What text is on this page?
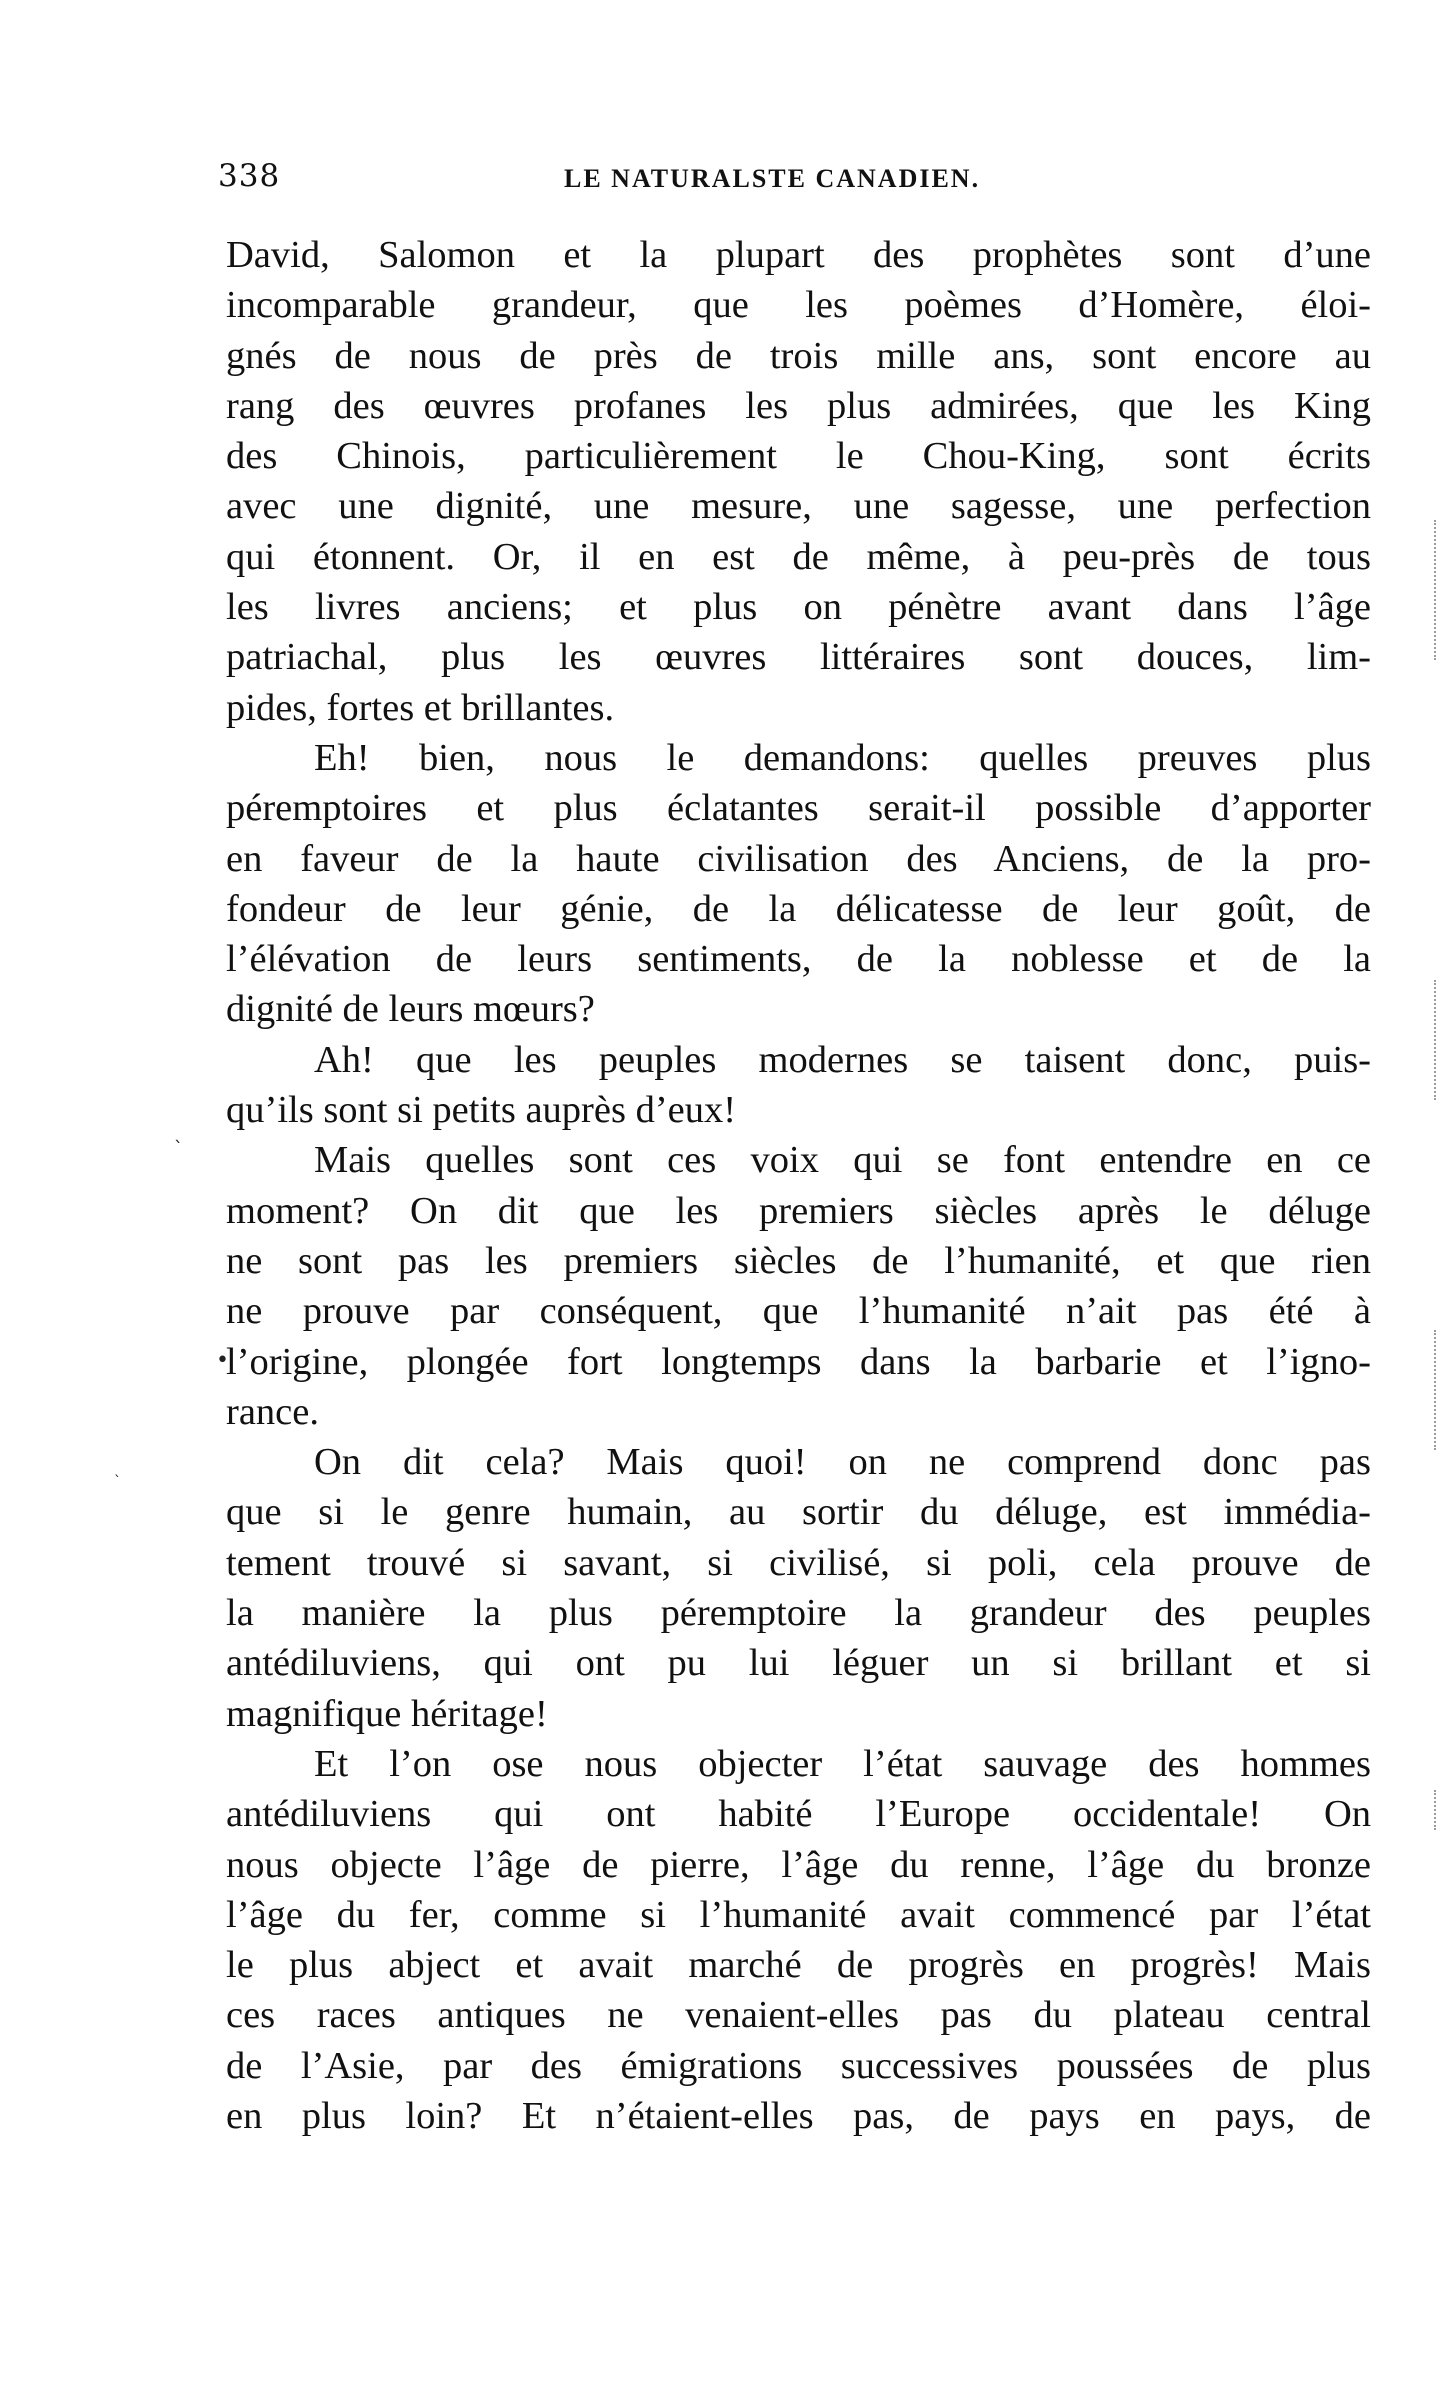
338	LE NATURALSTE CANADIEN.
David, Salomon et la plupart des prophètes sont d’une
incomparable grandeur, que les poèmes d’Homère, éloi-
gnés de nous de près de trois mille ans, sont encore au
rang des œuvres profanes les plus admirées, que les King
des Chinois, particulièrement le Chou-King, sont écrits
avec une dignité, une mesure, une sagesse, une perfection
qui étonnent. Or, il en est de même, à peu-près de tous
les livres anciens; et plus on pénètre avant dans l’âge
patriachal, plus les œuvres littéraires sont douces, lim-
pides, fortes et brillantes.
Eh! bien, nous le demandons: quelles preuves plus
péremptoires et plus éclatantes serait-il possible d’apporter
en faveur de la haute civilisation des Anciens, de la pro-
fondeur de leur génie, de la délicatesse de leur goût, de
l’élévation de leurs sentiments, de la noblesse et de la
dignité de leurs mœurs?
Ah! que les peuples modernes se taisent donc, puis-
qu’ils sont si petits auprès d’eux!
Mais quelles sont ces voix qui se font entendre en ce
moment? On dit que les premiers siècles après le déluge
ne sont pas les premiers siècles de l’humanité, et que rien
ne prouve par conséquent, que l’humanité n’ait pas été à
l’origine, plongée fort longtemps dans la barbarie et l’igno-
rance.
On dit cela? Mais quoi! on ne comprend donc pas
que si le genre humain, au sortir du déluge, est immédia-
tement trouvé si savant, si civilisé, si poli, cela prouve de
la manière la plus péremptoire la grandeur des peuples
antédiluviens, qui ont pu lui léguer un si brillant et si
magnifique héritage!
Et l’on ose nous objecter l’état sauvage des hommes
antédiluviens qui ont habité l’Europe occidentale! On
nous objecte l’âge de pierre, l’âge du renne, l’âge du bronze
l’âge du fer, comme si l’humanité avait commencé par l’état
le plus abject et avait marché de progrès en progrès! Mais
ces races antiques ne venaient-elles pas du plateau central
de l’Asie, par des émigrations successives poussées de plus
en plus loin? Et n’étaient-elles pas, de pays en pays, de
ˋ
•
ˋ
